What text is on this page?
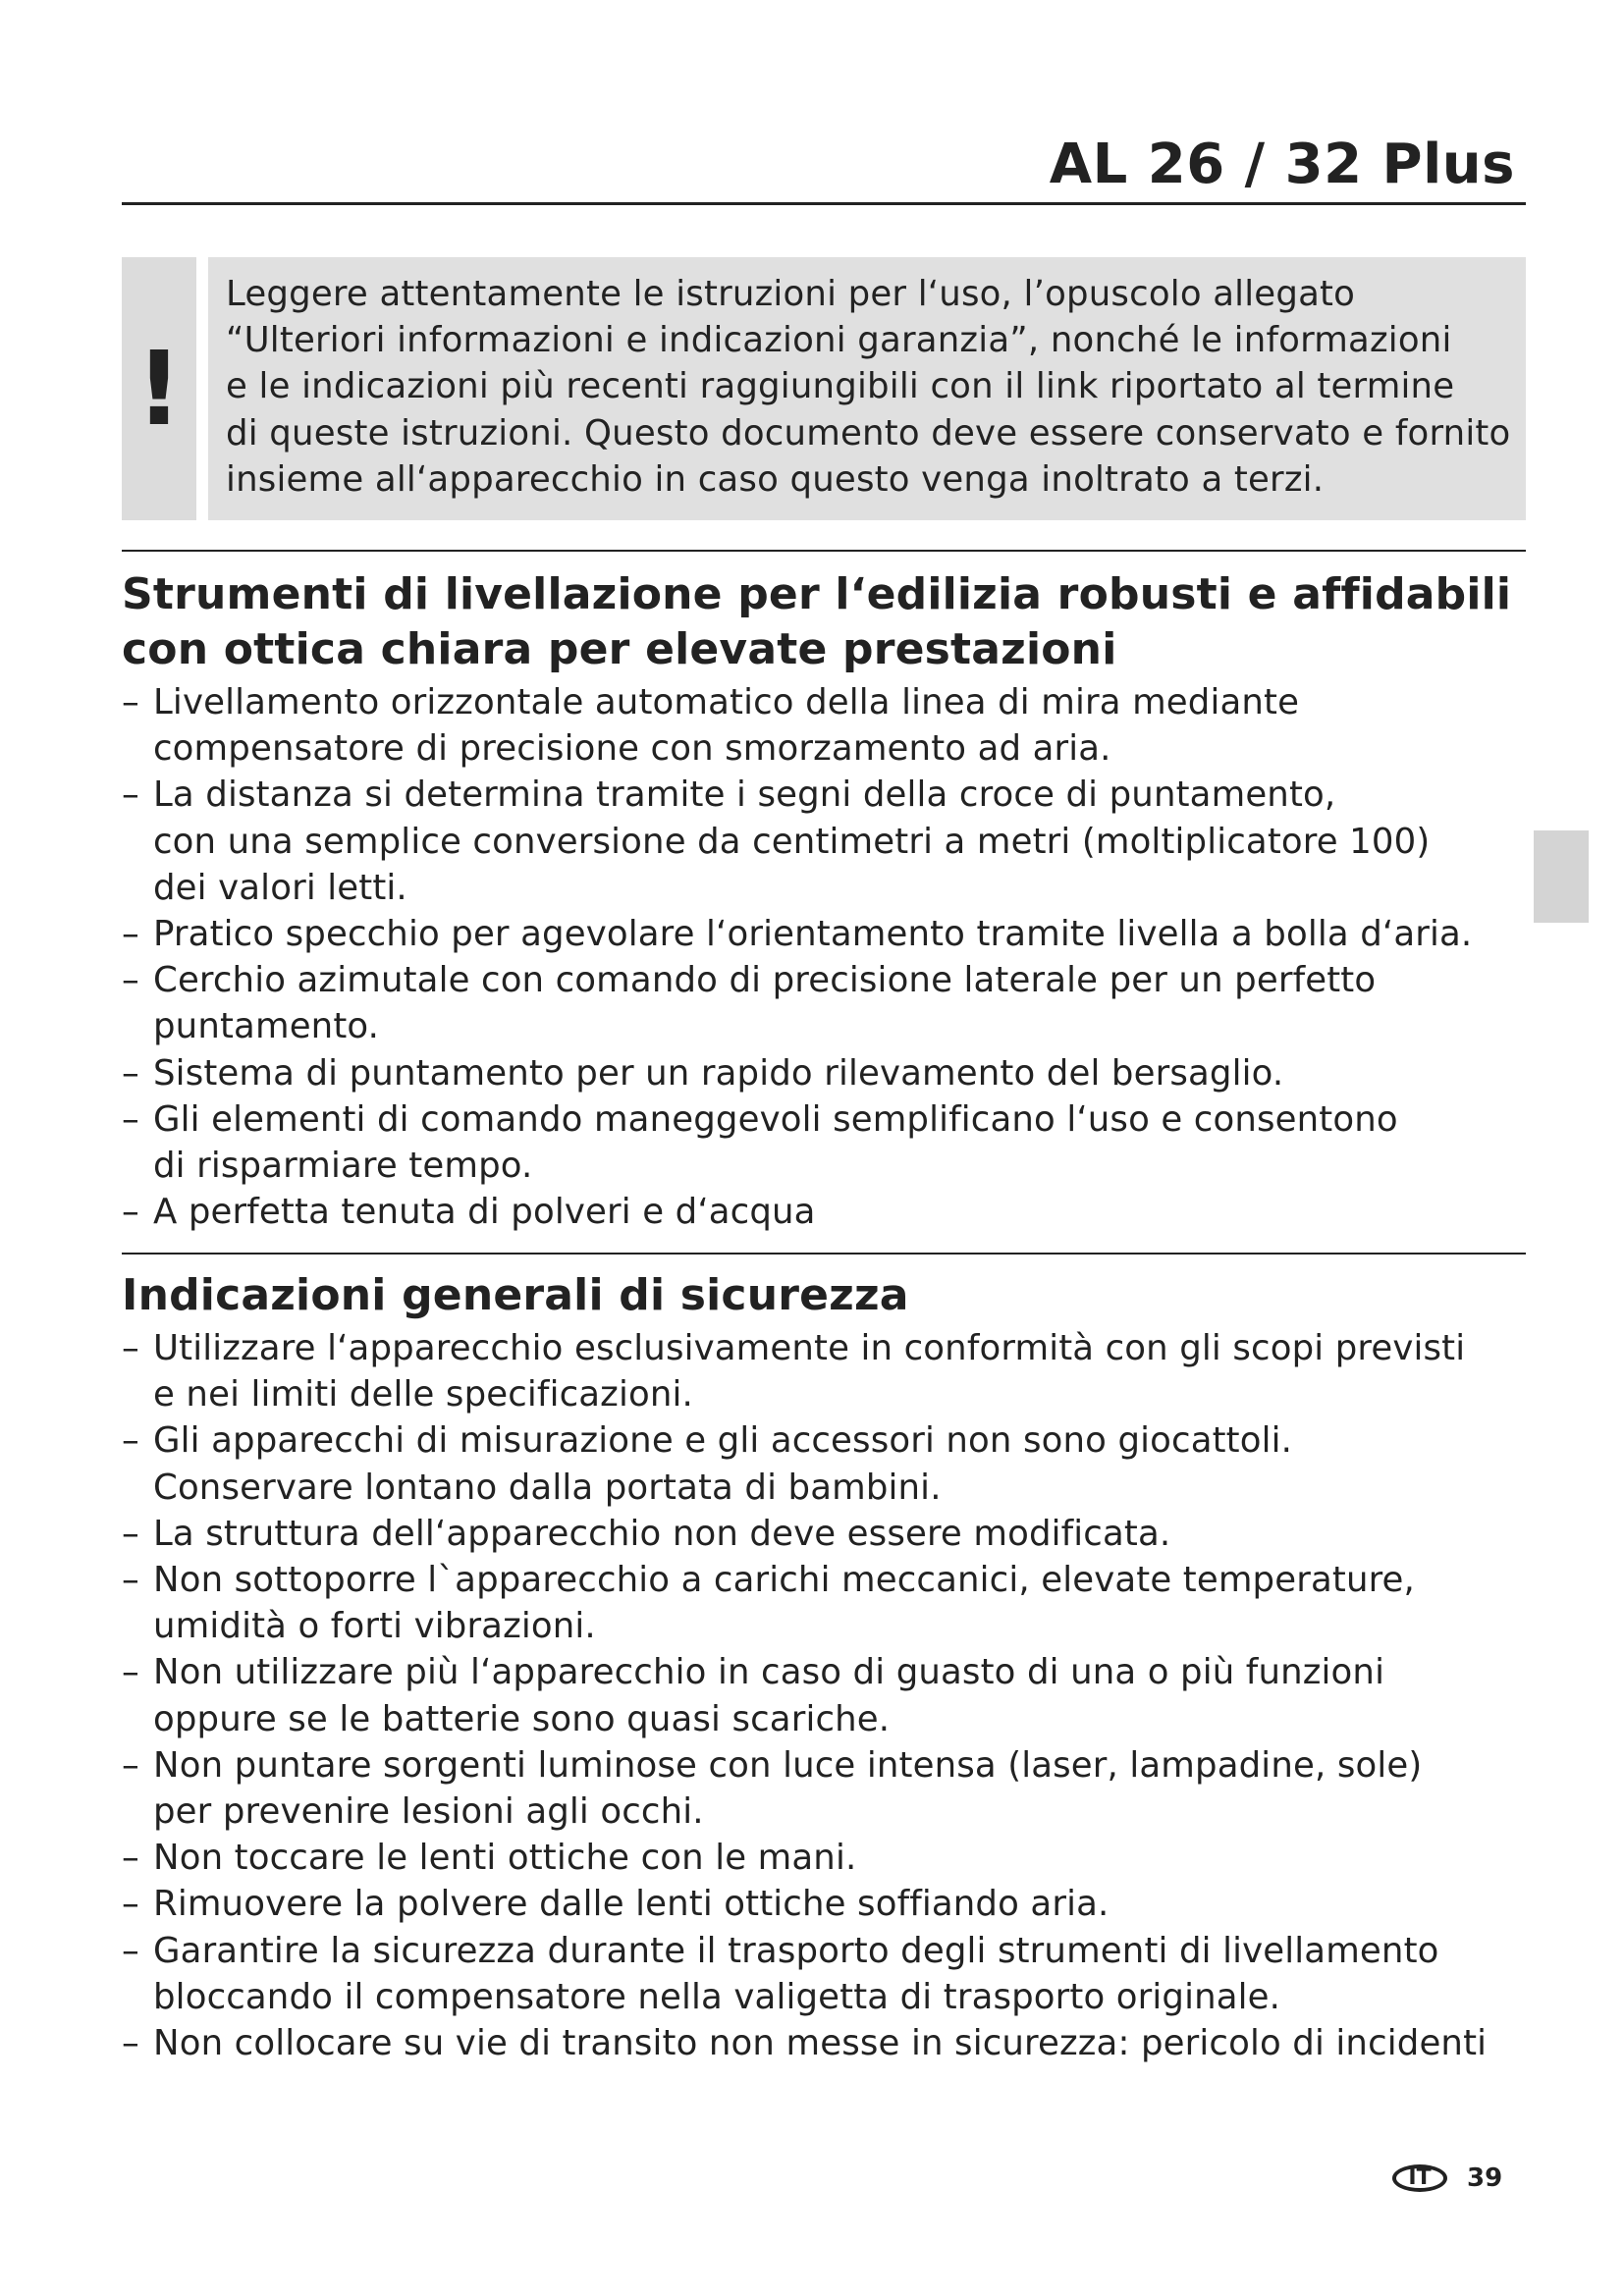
AL 26 / 32 Plus
!

Leggere attentamente le istruzioni per l‘uso, l’opuscolo allegato

“Ulteriori informazioni e indicazioni garanzia”, nonché le informazioni

e le indicazioni più recenti raggiungibili con il link riportato al termine

di queste istruzioni. Questo documento deve essere conservato e fornito

insieme all‘apparecchio in caso questo venga inoltrato a terzi.

Strumenti di livellazione per l‘edilizia robusti e affidabili
con ottica chiara per elevate prestazioni
– Livellamento orizzontale automatico della linea di mira mediante
compensatore di precisione con smorzamento ad aria.
– La distanza si determina tramite i segni della croce di puntamento,
con una semplice conversione da centimetri a metri (moltiplicatore 100)
dei valori letti.
– Pratico specchio per agevolare l‘orientamento tramite livella a bolla d‘aria.
– Cerchio azimutale con comando di precisione laterale per un perfetto
puntamento.
– Sistema di puntamento per un rapido rilevamento del bersaglio.
– Gli elementi di comando maneggevoli semplificano l‘uso e consentono
di risparmiare tempo.
– A perfetta tenuta di polveri e d‘acqua
Indicazioni generali di sicurezza
– Utilizzare l‘apparecchio esclusivamente in conformità con gli scopi previsti
e nei limiti delle specificazioni.
– Gli apparecchi di misurazione e gli accessori non sono giocattoli.
Conservare lontano dalla portata di bambini.
– La struttura dell‘apparecchio non deve essere modificata.
– Non sottoporre l`apparecchio a carichi meccanici, elevate temperature,
umidità o forti vibrazioni.
– Non utilizzare più l‘apparecchio in caso di guasto di una o più funzioni
oppure se le batterie sono quasi scariche.
– Non puntare sorgenti luminose con luce intensa (laser, lampadine, sole)
per prevenire lesioni agli occhi.
– Non toccare le lenti ottiche con le mani.
– Rimuovere la polvere dalle lenti ottiche soffiando aria.
– Garantire la sicurezza durante il trasporto degli strumenti di livellamento
bloccando il compensatore nella valigetta di trasporto originale.
– Non collocare su vie di transito non messe in sicurezza: pericolo di incidenti
IT 39
